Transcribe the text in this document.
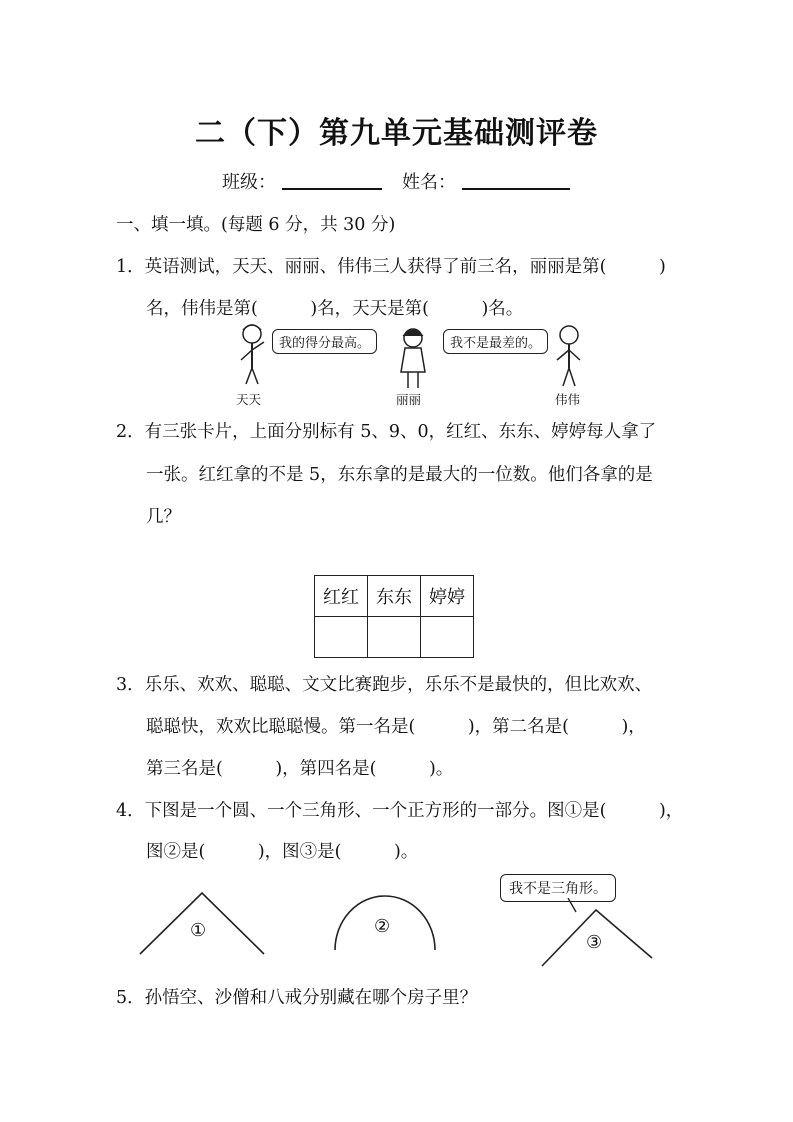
二（下）第九单元基础测评卷
班级：	姓名：
一、填一填。(每题 6 分，共 30 分)
1．英语测试，天天、丽丽、伟伟三人获得了前三名，丽丽是第(　　　)
名，伟伟是第(　　　)名，天天是第(　　　)名。
我的得分最高。	我不是最差的。
天天	丽丽	伟伟
2．有三张卡片，上面分别标有 5、9、0，红红、东东、婷婷每人拿了
一张。红红拿的不是 5，东东拿的是最大的一位数。他们各拿的是
几？
红红	东东	婷婷

3．乐乐、欢欢、聪聪、文文比赛跑步，乐乐不是最快的，但比欢欢、
聪聪快，欢欢比聪聪慢。第一名是(　　　)，第二名是(　　　)，
第三名是(　　　)，第四名是(　　　)。
4．下图是一个圆、一个三角形、一个正方形的一部分。图①是(　　　)，
图②是(　　　)，图③是(　　　)。
①	②
我不是三角形。
③
5．孙悟空、沙僧和八戒分别藏在哪个房子里？
